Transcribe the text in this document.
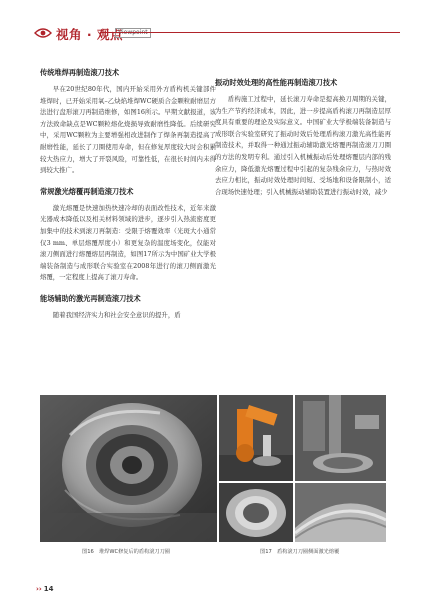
视角 · 观点
Viewpoint
传统堆焊再制造滚刀技术

早在20世纪80年代，国内开始采用外方盾构机关键部件堆焊时，已开始采用氧–乙炔焰堆焊WC硬质合金颗粒耐磨层方法进行盘形滚刀再制造维修，如图16所示。早期文献报道，该方法致命缺点是WC颗粒熔化烧损导致耐磨性降低。后续研究中，采用WC颗粒为主要增强相改进制作了焊条再制造提高了耐磨性能，延长了刀圈使用寿命，但在修复厚度较大时会积累较大热应力，增大了开裂风险，可靠性低，在很长时间内未得到较大推广。

常规激光熔覆再制造滚刀技术

激光熔覆是快速加热快速冷却的表面改性技术，近年来激光器成本降低以及相关材料领域的进步，逐步引入热流密度更加集中的技术到滚刀再制造：受限于熔覆效率（光斑大小通常仅3 mm、单层熔覆厚度小）和更复杂的温度场变化，仅能对滚刀侧面进行熔覆熔层再制造，如图17所示为中国矿业大学极端装备制造与成形联合实验室在2008年进行的滚刀侧面激光熔覆，一定程度上提高了滚刀寿命。

能场辅助的激光再制造滚刀技术

随着我国经济实力和社会安全意识的提升，盾

振动时效处理的高性能再制造滚刀技术

盾构施工过程中，延长滚刀寿命是提高换刀周期的关键，为生产节约经济成本，因此，进一步提高盾构滚刀再制造层厚度具有重要的理论及实际意义。中国矿业大学极端装备制造与成形联合实验室研究了振动时效后处理盾构滚刀激光高性能再制造技术，并取得一种通过振动辅助激光熔覆再制造滚刀刀圈的方法的发明专利。通过引入机械振动后处理熔覆层内部的残余应力，降低激光熔覆过程中引起的复杂残余应力，与热时效去应力相比，振动时效处理时间短、受场地和设备限制小，适合现场快速处理；引入机械振动辅助装置进行振动时效，减少

图16　堆焊WC修复后的盾构滚刀刀圈	图17　盾构滚刀刀圈侧面激光熔覆
›› 14
